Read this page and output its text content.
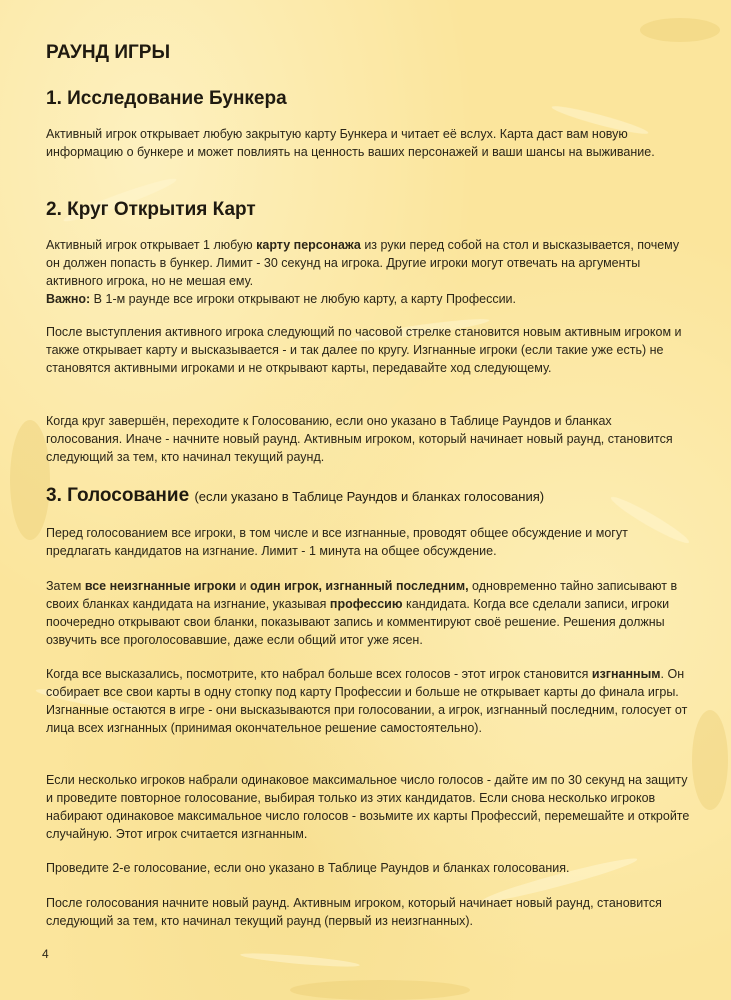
РАУНД ИГРЫ
1. Исследование Бункера

Активный игрок открывает любую закрытую карту Бункера и читает её вслух. Карта даст вам новую информацию о бункере и может повлиять на ценность ваших персонажей и ваши шансы на выживание.

2. Круг Открытия Карт

Активный игрок открывает 1 любую карту персонажа из руки перед собой на стол и высказывается, почему он должен попасть в бункер. Лимит - 30 секунд на игрока. Другие игроки могут отвечать на аргументы активного игрока, но не мешая ему.
Важно: В 1-м раунде все игроки открывают не любую карту, а карту Профессии.

После выступления активного игрока следующий по часовой стрелке становится новым активным игроком и также открывает карту и высказывается - и так далее по кругу. Изгнанные игроки (если такие уже есть) не становятся активными игроками и не открывают карты, передавайте ход следующему.

Когда круг завершён, переходите к Голосованию, если оно указано в Таблице Раундов и бланках голосования. Иначе - начните новый раунд. Активным игроком, который начинает новый раунд, становится следующий за тем, кто начинал текущий раунд.

3. Голосование (если указано в Таблице Раундов и бланках голосования)

Перед голосованием все игроки, в том числе и все изгнанные, проводят общее обсуждение и могут предлагать кандидатов на изгнание. Лимит - 1 минута на общее обсуждение.

Затем все неизгнанные игроки и один игрок, изгнанный последним, одновременно тайно записывают в своих бланках кандидата на изгнание, указывая профессию кандидата. Когда все сделали записи, игроки поочередно открывают свои бланки, показывают запись и комментируют своё решение. Решения должны озвучить все проголосовавшие, даже если общий итог уже ясен.

Когда все высказались, посмотрите, кто набрал больше всех голосов - этот игрок становится изгнанным. Он собирает все свои карты в одну стопку под карту Профессии и больше не открывает карты до финала игры. Изгнанные остаются в игре - они высказываются при голосовании, а игрок, изгнанный последним, голосует от лица всех изгнанных (принимая окончательное решение самостоятельно).

Если несколько игроков набрали одинаковое максимальное число голосов - дайте им по 30 секунд на защиту и проведите повторное голосование, выбирая только из этих кандидатов. Если снова несколько игроков набирают одинаковое максимальное число голосов - возьмите их карты Профессий, перемешайте и откройте случайную. Этот игрок считается изгнанным.

Проведите 2-е голосование, если оно указано в Таблице Раундов и бланках голосования.

После голосования начните новый раунд. Активным игроком, который начинает новый раунд, становится следующий за тем, кто начинал текущий раунд (первый из неизгнанных).

4
